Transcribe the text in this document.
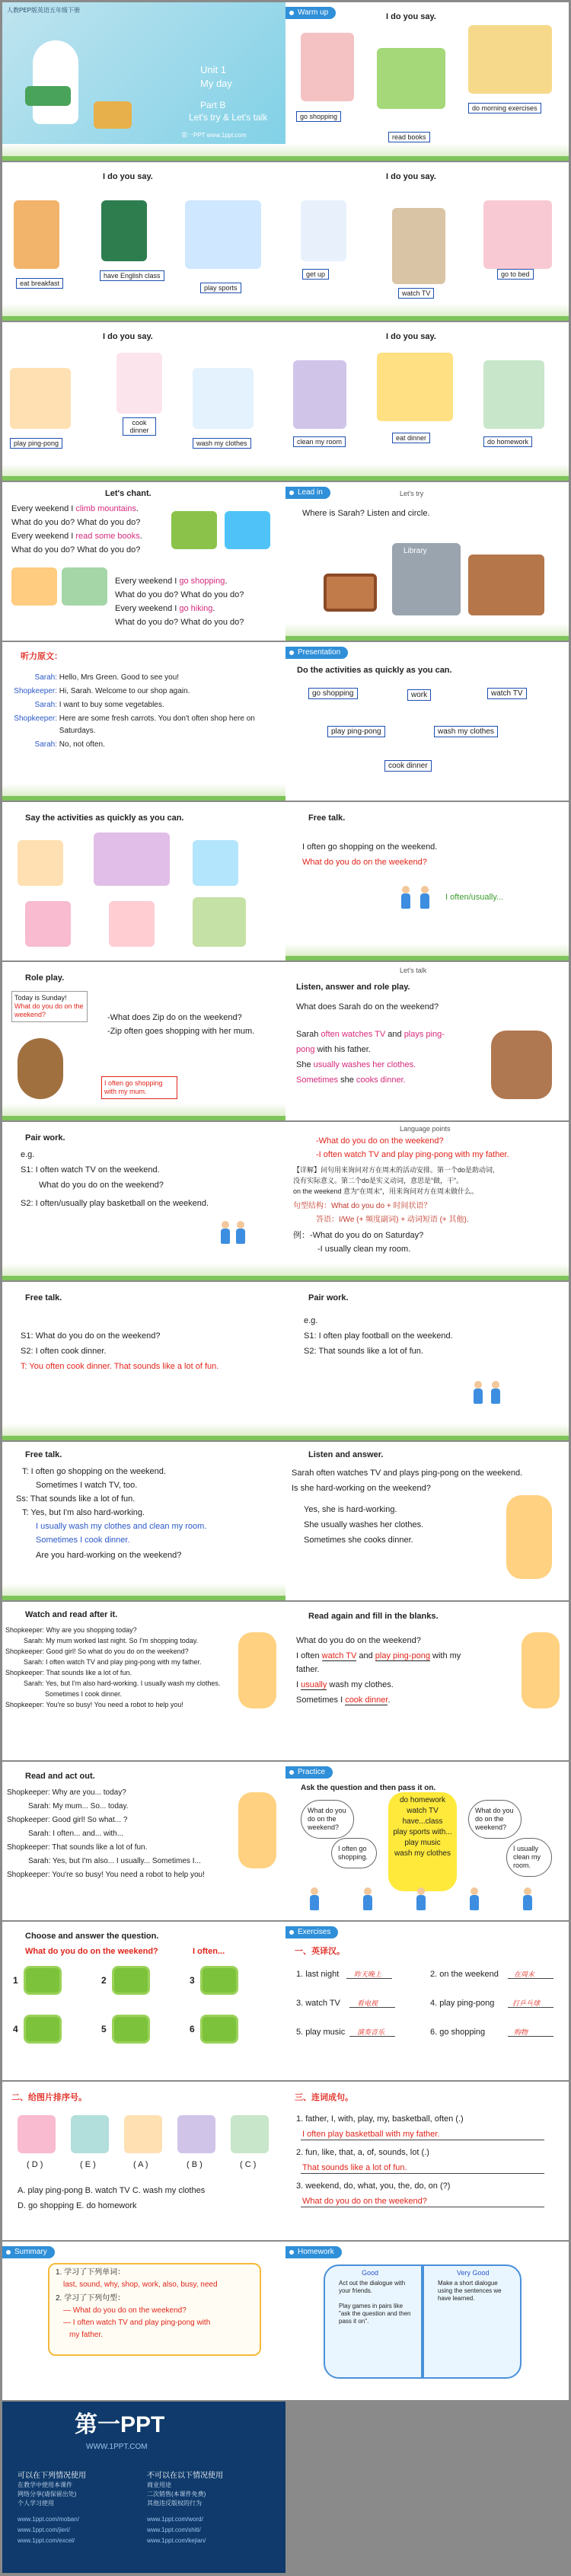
人教PEP版英语五年级下册
Unit 1
My day
Part B
Let's try & Let's talk
第一PPT www.1ppt.com
Warm up	I do you say.
go shopping
read books
do morning exercises
I do you say.
eat breakfast
have English class
play sports
I do you say.
get up
watch TV
go to bed
I do you say.
play ping-pong
cook dinner
wash my clothes
I do you say.
clean my room	eat dinner	do homework
Let's chant.
Every weekend I climb mountains.
What do you do? What do you do?
Every weekend I read some books.
What do you do? What do you do?
Every weekend I go shopping.
What do you do? What do you do?
Every weekend I go hiking.
What do you do? What do you do?
Lead in	Let's try
Where is Sarah? Listen and circle.
Library
听力原文：
Sarah: Hello, Mrs Green. Good to see you!
Shopkeeper: Hi, Sarah. Welcome to our shop again.
Sarah: I want to buy some vegetables.
Shopkeeper: Here are some fresh carrots. You don't often shop here on
Saturdays.
Sarah: No, not often.
Presentation
Do the activities as quickly as you can.
go shopping	work	watch TV
play ping-pong	wash my clothes
cook dinner
Say the activities as quickly as you can.	Free talk.
I often go shopping on the weekend.
What do you do on the weekend?
I often/usually...
Role play.
Today is Sunday!
What do you do on the weekend?	-What does Zip do on the weekend?
-Zip often goes shopping with her mum.
I often go shopping with my mum.
Let's talk
Listen, answer and role play.
What does Sarah do on the weekend?
Sarah often watches TV and plays ping-
pong with his father.
She usually washes her clothes.
Sometimes she cooks dinner.
Pair work.
e.g.
S1: I often watch TV on the weekend.
What do you do on the weekend?
S2: I often/usually play basketball on the weekend.
Language points
-What do you do on the weekend?
-I often watch TV and play ping-pong with my father.
【详解】问句用来询问对方在周末的活动安排。第一个do是助动词,
没有实际意义。第二个do是实义动词，意思是“做，干”。
on the weekend 意为“在周末”，用来询问对方在周末做什么。
句型结构：What do you do + 时间状语？
答语：I/We (+ 频度副词) + 动词短语 (+ 其他).
例：-What do you do on Saturday?
-I usually clean my room.
Free talk.
S1: What do you do on the weekend?
S2: I often cook dinner.
T: You often cook dinner. That sounds like a lot of fun.
Pair work.
e.g.
S1: I often play football on the weekend.
S2: That sounds like a lot of fun.
Free talk.
T: I often go shopping on the weekend.
Sometimes I watch TV, too.
Ss: That sounds like a lot of fun.
T: Yes, but I'm also hard-working.
I usually wash my clothes and clean my room.
Sometimes I cook dinner.
Are you hard-working on the weekend?
Listen and answer.
Sarah often watches TV and plays ping-pong on the weekend.
Is she hard-working on the weekend?
Yes, she is hard-working.
She usually washes her clothes.
Sometimes she cooks dinner.
Watch and read after it.
Shopkeeper: Why are you shopping today?
Sarah: My mum worked last night. So I'm shopping today.
Shopkeeper: Good girl! So what do you do on the weekend?
Sarah: I often watch TV and play ping-pong with my father.
Shopkeeper: That sounds like a lot of fun.
Sarah: Yes, but I'm also hard-working. I usually wash my clothes.
Sometimes I cook dinner.
Shopkeeper: You're so busy! You need a robot to help you!
Read again and fill in the blanks.
What do you do on the weekend?
I often watch TV and play ping-pong with my
father.
I usually wash my clothes.
Sometimes I cook dinner.
Read and act out.
Shopkeeper: Why are you... today?
Sarah: My mum... So... today.
Shopkeeper: Good girl! So what... ?
Sarah: I often... and... with...
Shopkeeper: That sounds like a lot of fun.
Sarah: Yes, but I'm also... I usually... Sometimes I...
Shopkeeper: You're so busy! You need a robot to help you!
Practice
Ask the question and then pass it on.
What do you do on the weekend?
I often go shopping.
do homework
watch TV
have...class
play sports with...
play music
wash my clothes
What do you do on the weekend?
I usually clean my room.
Choose and answer the question.
What do you do on the weekend?	I often...
1	2	3
4	5	6
Exercises
一、英译汉。
1. last night 昨天晚上	2. on the weekend 在周末
3. watch TV 看电视	4. play ping-pong	打乒乓球
5. play music 演奏音乐	6. go shopping	购物
二、给图片排序号。
( D )	( E )	( A )	( B )	( C )
A. play ping-pong B. watch TV C. wash my clothes
D. go shopping E. do homework
三、连词成句。
1. father, I, with, play, my, basketball, often (.)
I often play basketball with my father.
2. fun, like, that, a, of, sounds, lot (.)
That sounds like a lot of fun.
3. weekend, do, what, you, the, do, on (?)
What do you do on the weekend?
Summary
1. 学习了下列单词：
last, sound, why, shop, work, also, busy, need
2. 学习了下列句型：
— What do you do on the weekend?
— I often watch TV and play ping-pong with
my father.
Homework
Good
Act out the dialogue with your friends.
Play games in pairs like "ask the question and then pass it on".
Very Good
Make a short dialogue using the sentences we have learned.
第一PPT
WWW.1PPT.COM
可以在下列情况使用
在教学中使用本课件
网络分享(请保留出处)
个人学习使用
不可以在以下情况使用
商业用途
二次销售(本课件免费)
其他违反版权的行为
www.1ppt.com/moban/
www.1ppt.com/jieri/
www.1ppt.com/excel/
www.1ppt.com/word/
www.1ppt.com/shiti/
www.1ppt.com/kejian/
